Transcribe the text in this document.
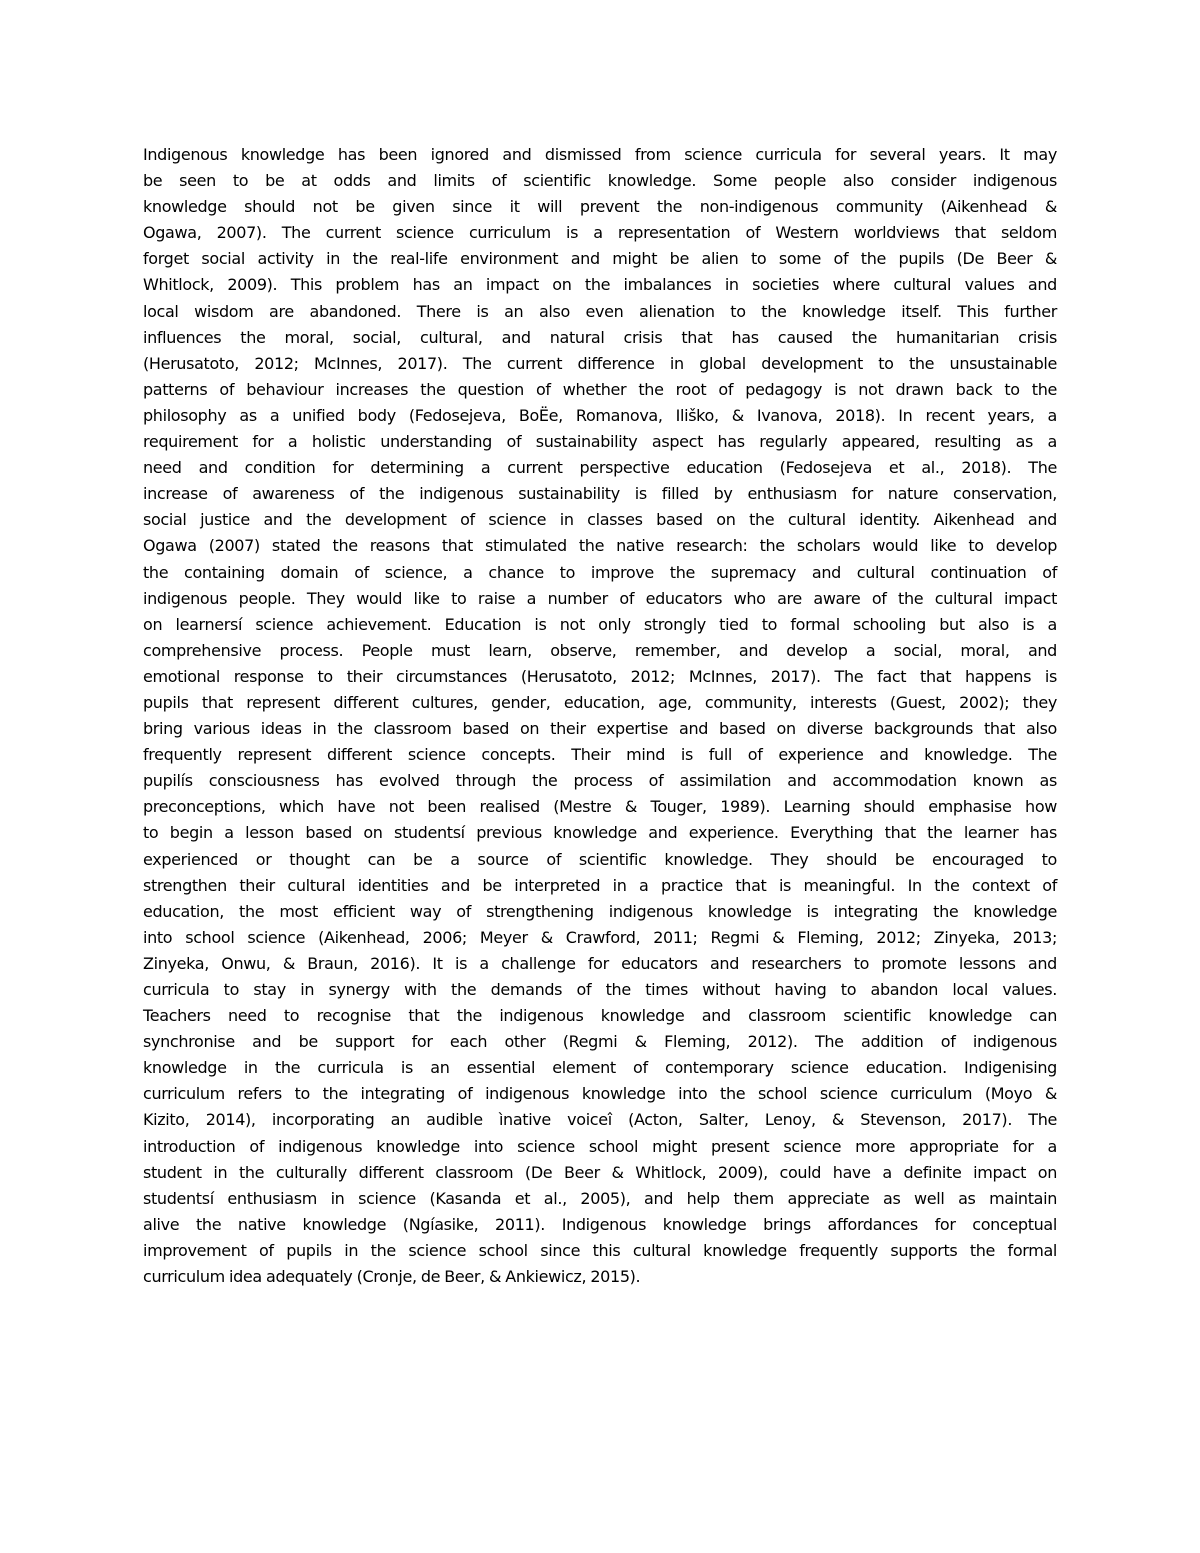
Indigenous knowledge has been ignored and dismissed from science curricula for several years. It may
be seen to be at odds and limits of scientific knowledge. Some people also consider indigenous
knowledge should not be given since it will prevent the non-indigenous community (Aikenhead &
Ogawa, 2007). The current science curriculum is a representation of Western worldviews that seldom
forget social activity in the real-life environment and might be alien to some of the pupils (De Beer &
Whitlock, 2009). This problem has an impact on the imbalances in societies where cultural values and
local wisdom are abandoned. There is an also even alienation to the knowledge itself. This further
influences the moral, social, cultural, and natural crisis that has caused the humanitarian crisis
(Herusatoto, 2012; McInnes, 2017). The current difference in global development to the unsustainable
patterns of behaviour increases the question of whether the root of pedagogy is not drawn back to the
philosophy as a unified body (Fedosejeva, BoËe, Romanova, Iliško, & Ivanova, 2018). In recent years, a
requirement for a holistic understanding of sustainability aspect has regularly appeared, resulting as a
need and condition for determining a current perspective education (Fedosejeva et al., 2018). The
increase of awareness of the indigenous sustainability is filled by enthusiasm for nature conservation,
social justice and the development of science in classes based on the cultural identity. Aikenhead and
Ogawa (2007) stated the reasons that stimulated the native research: the scholars would like to develop
the containing domain of science, a chance to improve the supremacy and cultural continuation of
indigenous people. They would like to raise a number of educators who are aware of the cultural impact
on learnersí science achievement. Education is not only strongly tied to formal schooling but also is a
comprehensive process. People must learn, observe, remember, and develop a social, moral, and
emotional response to their circumstances (Herusatoto, 2012; McInnes, 2017). The fact that happens is
pupils that represent different cultures, gender, education, age, community, interests (Guest, 2002); they
bring various ideas in the classroom based on their expertise and based on diverse backgrounds that also
frequently represent different science concepts. Their mind is full of experience and knowledge. The
pupilís consciousness has evolved through the process of assimilation and accommodation known as
preconceptions, which have not been realised (Mestre & Touger, 1989). Learning should emphasise how
to begin a lesson based on studentsí previous knowledge and experience. Everything that the learner has
experienced or thought can be a source of scientific knowledge. They should be encouraged to
strengthen their cultural identities and be interpreted in a practice that is meaningful. In the context of
education, the most efficient way of strengthening indigenous knowledge is integrating the knowledge
into school science (Aikenhead, 2006; Meyer & Crawford, 2011; Regmi & Fleming, 2012; Zinyeka, 2013;
Zinyeka, Onwu, & Braun, 2016). It is a challenge for educators and researchers to promote lessons and
curricula to stay in synergy with the demands of the times without having to abandon local values.
Teachers need to recognise that the indigenous knowledge and classroom scientific knowledge can
synchronise and be support for each other (Regmi & Fleming, 2012). The addition of indigenous
knowledge in the curricula is an essential element of contemporary science education. Indigenising
curriculum refers to the integrating of indigenous knowledge into the school science curriculum (Moyo &
Kizito, 2014), incorporating an audible ìnative voiceî (Acton, Salter, Lenoy, & Stevenson, 2017). The
introduction of indigenous knowledge into science school might present science more appropriate for a
student in the culturally different classroom (De Beer & Whitlock, 2009), could have a definite impact on
studentsí enthusiasm in science (Kasanda et al., 2005), and help them appreciate as well as maintain
alive the native knowledge (Ngíasike, 2011). Indigenous knowledge brings affordances for conceptual
improvement of pupils in the science school since this cultural knowledge frequently supports the formal
curriculum idea adequately (Cronje, de Beer, & Ankiewicz, 2015).
